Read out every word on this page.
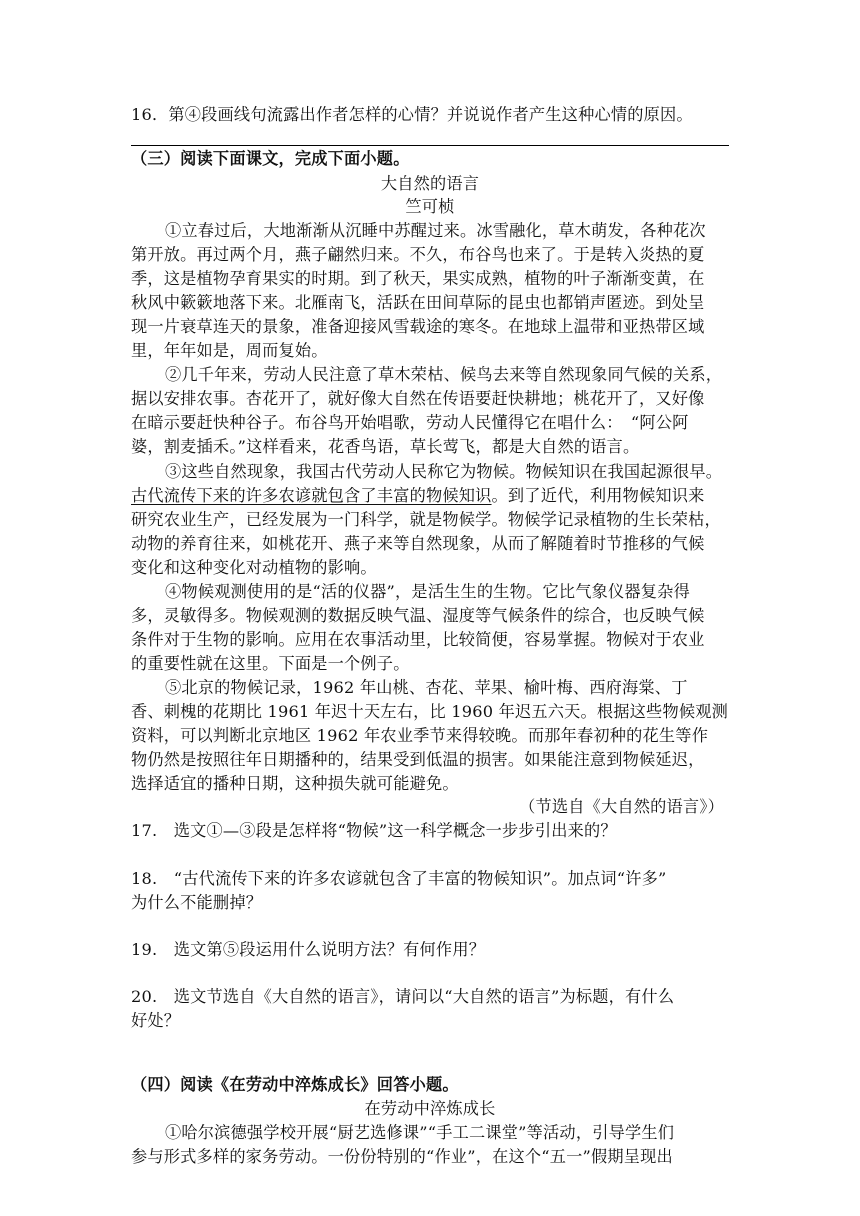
16．第④段画线句流露出作者怎样的心情？并说说作者产生这种心情的原因。
（三）阅读下面课文，完成下面小题。
大自然的语言
竺可桢
①立春过后，大地渐渐从沉睡中苏醒过来。冰雪融化，草木萌发，各种花次
第开放。再过两个月，燕子翩然归来。不久，布谷鸟也来了。于是转入炎热的夏
季，这是植物孕育果实的时期。到了秋天，果实成熟，植物的叶子渐渐变黄，在
秋风中簌簌地落下来。北雁南飞，活跃在田间草际的昆虫也都销声匿迹。到处呈
现一片衰草连天的景象，准备迎接风雪载途的寒冬。在地球上温带和亚热带区域
里，年年如是，周而复始。
②几千年来，劳动人民注意了草木荣枯、候鸟去来等自然现象同气候的关系，
据以安排农事。杏花开了，就好像大自然在传语要赶快耕地；桃花开了，又好像
在暗示要赶快种谷子。布谷鸟开始唱歌，劳动人民懂得它在唱什么：　“阿公阿
婆，割麦插禾。”这样看来，花香鸟语，草长莺飞，都是大自然的语言。
③这些自然现象，我国古代劳动人民称它为物候。物候知识在我国起源很早。
古代流传下来的许多农谚就包含了丰富的物候知识。到了近代，利用物候知识来
研究农业生产，已经发展为一门科学，就是物候学。物候学记录植物的生长荣枯，
动物的养育往来，如桃花开、燕子来等自然现象，从而了解随着时节推移的气候
变化和这种变化对动植物的影响。
④物候观测使用的是“活的仪器”，是活生生的生物。它比气象仪器复杂得
多，灵敏得多。物候观测的数据反映气温、湿度等气候条件的综合，也反映气候
条件对于生物的影响。应用在农事活动里，比较简便，容易掌握。物候对于农业
的重要性就在这里。下面是一个例子。
⑤北京的物候记录，1962 年山桃、杏花、苹果、榆叶梅、西府海棠、丁
香、刺槐的花期比 1961 年迟十天左右，比 1960 年迟五六天。根据这些物候观测
资料，可以判断北京地区 1962 年农业季节来得较晚。而那年春初种的花生等作
物仍然是按照往年日期播种的，结果受到低温的损害。如果能注意到物候延迟，
选择适宜的播种日期，这种损失就可能避免。
（节选自《大自然的语言》）
17.　选文①—③段是怎样将“物候”这一科学概念一步步引出来的？
18.　“古代流传下来的许多农谚就包含了丰富的物候知识”。加点词“许多”
为什么不能删掉？
19.　选文第⑤段运用什么说明方法？有何作用？
20.　选文节选自《大自然的语言》，请问以“大自然的语言”为标题，有什么
好处？
（四）阅读《在劳动中淬炼成长》回答小题。
在劳动中淬炼成长
①哈尔滨德强学校开展“厨艺选修课”“手工二课堂”等活动，引导学生们
参与形式多样的家务劳动。一份份特别的“作业”，在这个“五一”假期呈现出
